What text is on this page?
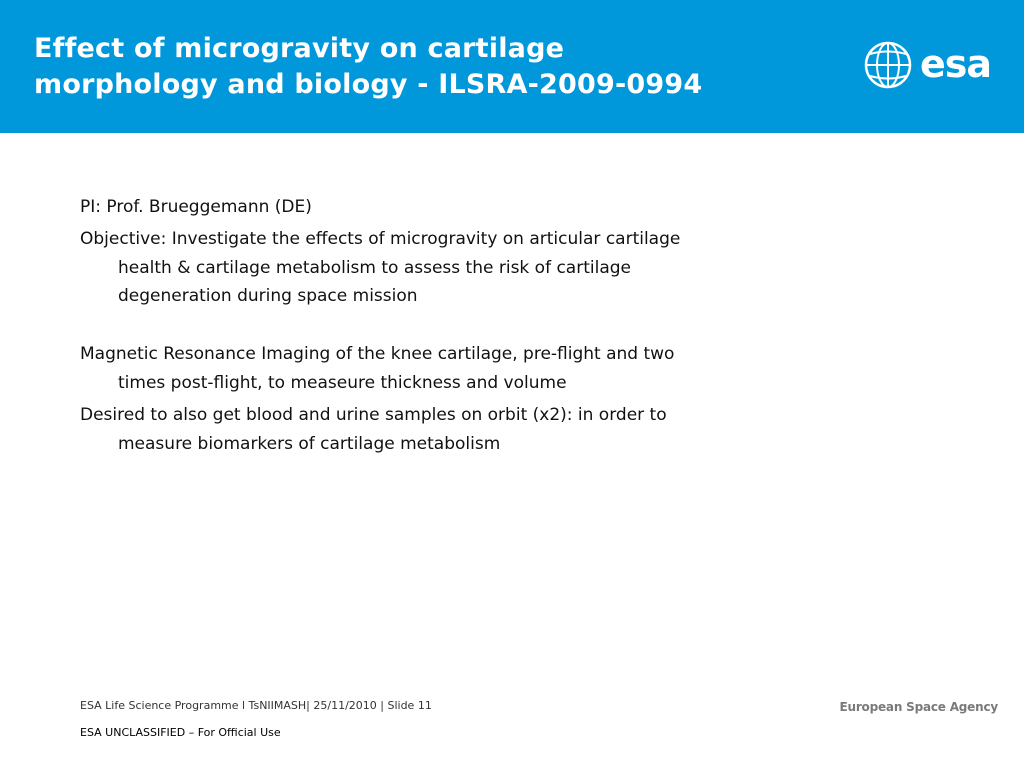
Effect of microgravity on cartilage
morphology and biology - ILSRA-2009-0994	esa

PI: Prof. Brueggemann (DE)

Objective: Investigate the effects of microgravity on articular cartilage health & cartilage metabolism to assess the risk of cartilage degeneration during space mission

Magnetic Resonance Imaging of the knee cartilage, pre-flight and two times post-flight, to measeure thickness and volume

Desired to also get blood and urine samples on orbit (x2): in order to measure biomarkers of cartilage metabolism

ESA Life Science Programme l TsNIIMASH| 25/11/2010 | Slide 11
ESA UNCLASSIFIED – For Official Use
European Space Agency
